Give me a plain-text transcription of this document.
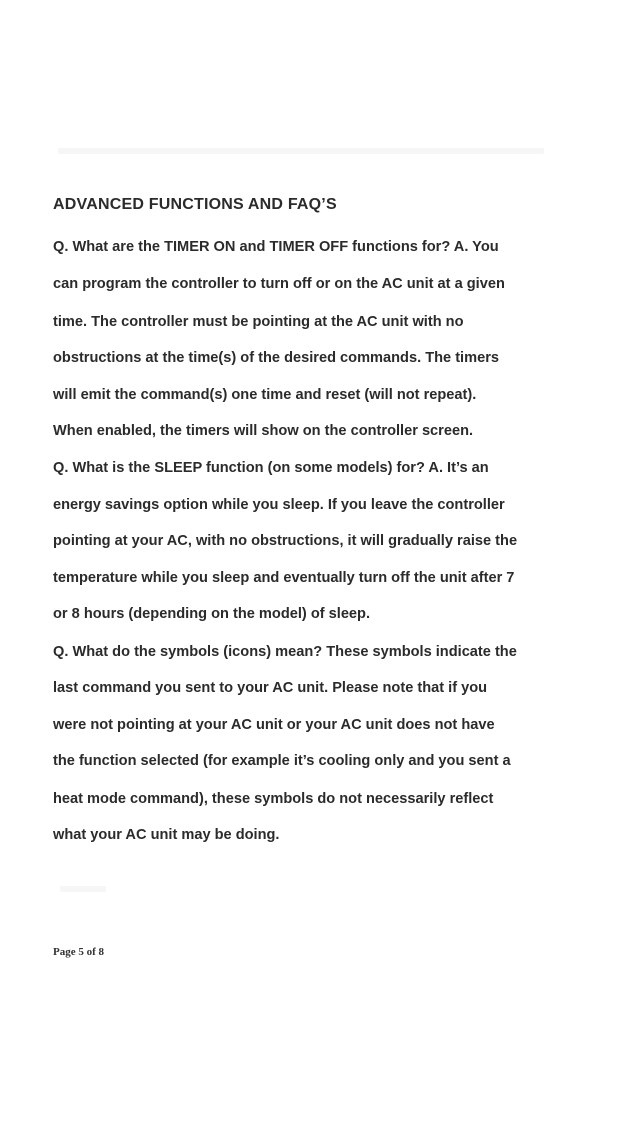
ADVANCED FUNCTIONS AND FAQ’S

Q. What are the TIMER ON and TIMER OFF functions for? A. You

can program the controller to turn off or on the AC unit at a given

time. The controller must be pointing at the AC unit with no

obstructions at the time(s) of the desired commands. The timers

will emit the command(s) one time and reset (will not repeat).

When enabled, the timers will show on the controller screen.

Q. What is the SLEEP function (on some models) for? A. It’s an

energy savings option while you sleep. If you leave the controller

pointing at your AC, with no obstructions, it will gradually raise the

temperature while you sleep and eventually turn off the unit after 7

or 8 hours (depending on the model) of sleep.

Q. What do the symbols (icons) mean? These symbols indicate the

last command you sent to your AC unit. Please note that if you

were not pointing at your AC unit or your AC unit does not have

the function selected (for example it’s cooling only and you sent a

heat mode command), these symbols do not necessarily reflect

what your AC unit may be doing.

Page 5 of 8
